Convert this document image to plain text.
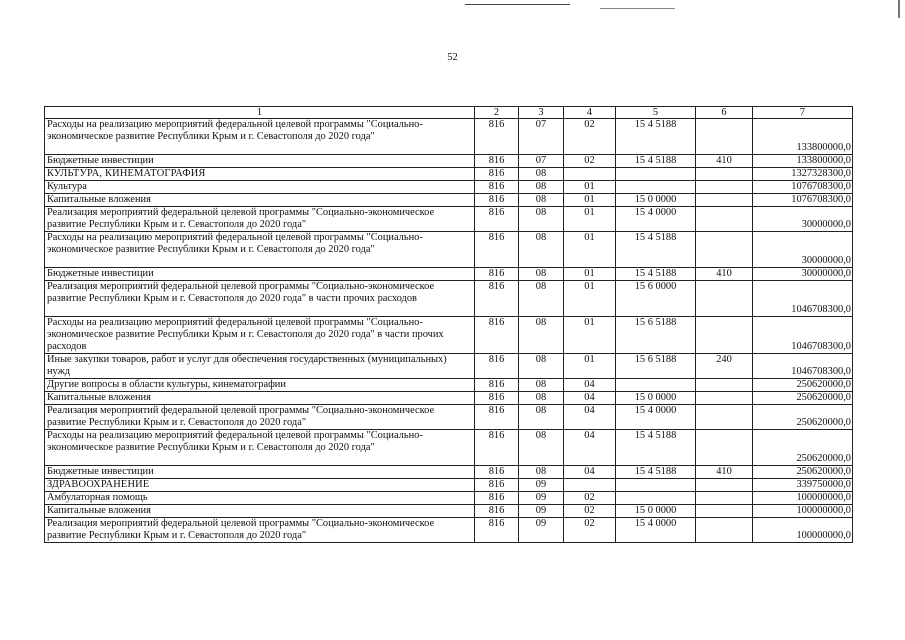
52
1	2	3	4	5	6	7
Расходы на реализацию мероприятий федеральной целевой программы "Социально-экономическое развитие Республики Крым и г. Севастополя до 2020 года"	816	07	02	15 4 5188		133800000,0
Бюджетные инвестиции	816	07	02	15 4 5188	410	133800000,0
КУЛЬТУРА, КИНЕМАТОГРАФИЯ	816	08				1327328300,0
Культура	816	08	01			1076708300,0
Капитальные вложения	816	08	01	15 0 0000		1076708300,0
Реализация мероприятий федеральной целевой программы "Социально-экономическое развитие Республики Крым и г. Севастополя до 2020 года"	816	08	01	15 4 0000		30000000,0
Расходы на реализацию мероприятий федеральной целевой программы "Социально-экономическое развитие Республики Крым и г. Севастополя до 2020 года"	816	08	01	15 4 5188		30000000,0
Бюджетные инвестиции	816	08	01	15 4 5188	410	30000000,0
Реализация мероприятий федеральной целевой программы "Социально-экономическое развитие Республики Крым и г. Севастополя до 2020 года" в части прочих расходов	816	08	01	15 6 0000		1046708300,0
Расходы на реализацию мероприятий федеральной целевой программы "Социально-экономическое развитие Республики Крым и г. Севастополя до 2020 года" в части прочих расходов	816	08	01	15 6 5188		1046708300,0
Иные закупки товаров, работ и услуг для обеспечения государственных (муниципальных) нужд	816	08	01	15 6 5188	240	1046708300,0
Другие вопросы в области культуры, кинематографии	816	08	04			250620000,0
Капитальные вложения	816	08	04	15 0 0000		250620000,0
Реализация мероприятий федеральной целевой программы "Социально-экономическое развитие Республики Крым и г. Севастополя до 2020 года"	816	08	04	15 4 0000		250620000,0
Расходы на реализацию мероприятий федеральной целевой программы "Социально-экономическое развитие Республики Крым и г. Севастополя до 2020 года"	816	08	04	15 4 5188		250620000,0
Бюджетные инвестиции	816	08	04	15 4 5188	410	250620000,0
ЗДРАВООХРАНЕНИЕ	816	09				339750000,0
Амбулаторная помощь	816	09	02			100000000,0
Капитальные вложения	816	09	02	15 0 0000		100000000,0
Реализация мероприятий федеральной целевой программы "Социально-экономическое развитие Республики Крым и г. Севастополя до 2020 года"	816	09	02	15 4 0000		100000000,0
